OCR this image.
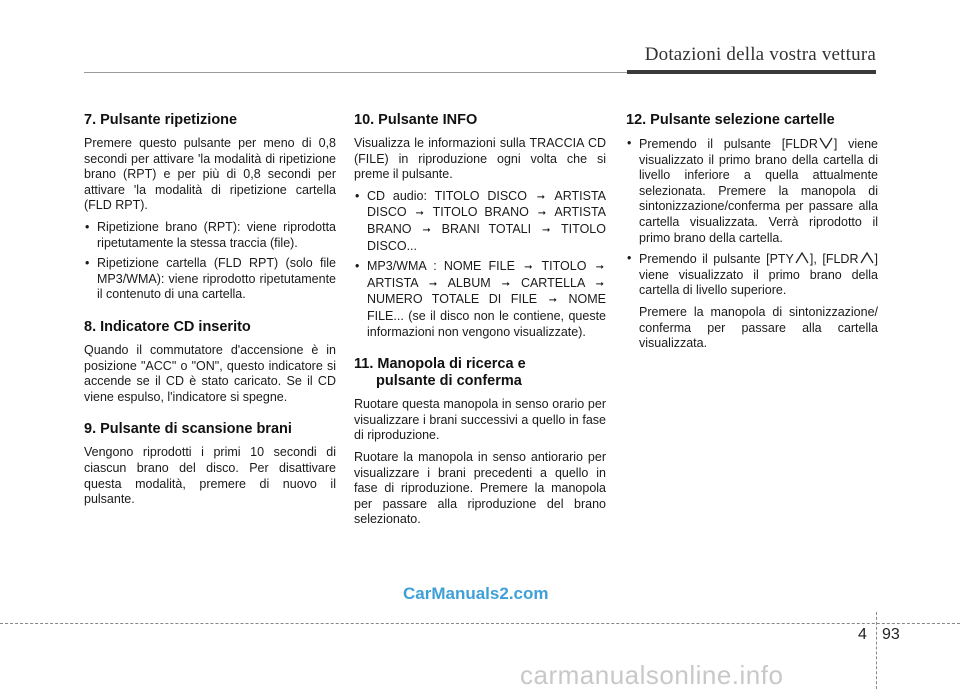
Dotazioni della vostra vettura
7. Pulsante ripetizione

Premere questo pulsante per meno di 0,8 secondi per attivare 'la modalità di ripetizione brano (RPT) e per più di 0,8 secondi per attivare 'la modalità di ripetizione cartella (FLD RPT).

• Ripetizione brano (RPT): viene riprodotta ripetutamente la stessa traccia (file).
• Ripetizione cartella (FLD RPT) (solo file MP3/WMA): viene riprodotto ripetutamente il contenuto di una cartella.
8. Indicatore CD inserito

Quando il commutatore d'accensione è in posizione "ACC" o "ON", questo indicatore si accende se il CD è stato caricato. Se il CD viene espulso, l'indicatore si spegne.

9. Pulsante di scansione brani

Vengono riprodotti i primi 10 secondi di ciascun brano del disco. Per disattivare questa modalità, premere di nuovo il pulsante.

10. Pulsante INFO

Visualizza le informazioni sulla TRACCIA CD (FILE) in riproduzione ogni volta che si preme il pulsante.

• CD audio: TITOLO DISCO ➞ ARTISTA DISCO ➞ TITOLO BRANO ➞ ARTISTA BRANO ➞ BRANI TOTALI ➞ TITOLO DISCO...
• MP3/WMA : NOME FILE ➞ TITOLO ➞ ARTISTA ➞ ALBUM ➞ CARTELLA ➞ NUMERO TOTALE DI FILE ➞ NOME FILE... (se il disco non le contiene, queste informazioni non vengono visualizzate).
11. Manopola di ricerca e
pulsante di conferma

Ruotare questa manopola in senso orario per visualizzare i brani successivi a quello in fase di riproduzione.

Ruotare la manopola in senso antiorario per visualizzare i brani precedenti a quello in fase di riproduzione. Premere la manopola per passare alla riproduzione del brano selezionato.

12. Pulsante selezione cartelle
• Premendo il pulsante [FLDR ] viene visualizzato il primo brano della cartella di livello inferiore a quella attualmente selezionata. Premere la manopola di sintonizzazione/conferma per passare alla cartella visualizzata. Verrà riprodotto il primo brano della cartella.
• Premendo il pulsante [PTY ], [FLDR ] viene visualizzato il primo brano della cartella di livello superiore.

Premere la manopola di sintonizzazione/ conferma per passare alla cartella visualizzata.

CarManuals2.com
4 93
carmanualsonline.info
